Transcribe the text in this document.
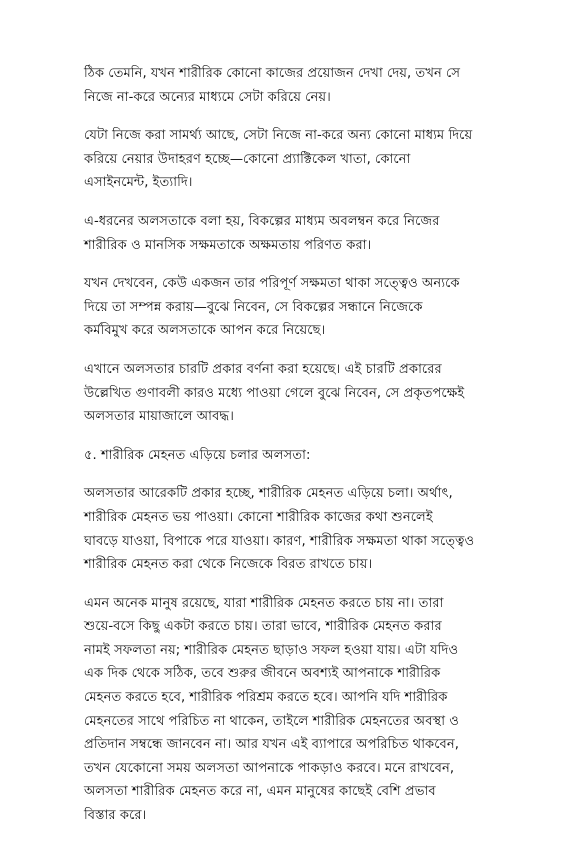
ঠিক তেমনি, যখন শারীরিক কোনো কাজের প্রয়োজন দেখা দেয়, তখন সে
নিজে না-করে অন্যের মাধ্যমে সেটা করিয়ে নেয়।
যেটা নিজে করা সামর্থ্য আছে, সেটা নিজে না-করে অন্য কোনো মাধ্যম দিয়ে
করিয়ে নেয়ার উদাহরণ হচ্ছে—কোনো প্র্যাক্টিকেল খাতা, কোনো
এসাইনমেন্ট, ইত্যাদি।
এ-ধরনের অলসতাকে বলা হয়, বিকল্পের মাধ্যম অবলম্বন করে নিজের
শারীরিক ও মানসিক সক্ষমতাকে অক্ষমতায় পরিণত করা।
যখন দেখবেন, কেউ একজন তার পরিপূর্ণ সক্ষমতা থাকা সত্ত্বেও অন্যকে
দিয়ে তা সম্পন্ন করায়—বুঝে নিবেন, সে বিকল্পের সন্ধানে নিজেকে
কর্মবিমুখ করে অলসতাকে আপন করে নিয়েছে।
এখানে অলসতার চারটি প্রকার বর্ণনা করা হয়েছে। এই চারটি প্রকারের
উল্লেখিত গুণাবলী কারও মধ্যে পাওয়া গেলে বুঝে নিবেন, সে প্রকৃতপক্ষেই
অলসতার মায়াজালে আবদ্ধ।
৫. শারীরিক মেহনত এড়িয়ে চলার অলসতা:
অলসতার আরেকটি প্রকার হচ্ছে, শারীরিক মেহনত এড়িয়ে চলা। অর্থাৎ,
শারীরিক মেহনত ভয় পাওয়া। কোনো শারীরিক কাজের কথা শুনলেই
ঘাবড়ে যাওয়া, বিপাকে পরে যাওয়া। কারণ, শারীরিক সক্ষমতা থাকা সত্ত্বেও
শারীরিক মেহনত করা থেকে নিজেকে বিরত রাখতে চায়।
এমন অনেক মানুষ রয়েছে, যারা শারীরিক মেহনত করতে চায় না। তারা
শুয়ে-বসে কিছু একটা করতে চায়। তারা ভাবে, শারীরিক মেহনত করার
নামই সফলতা নয়; শারীরিক মেহনত ছাড়াও সফল হওয়া যায়। এটা যদিও
এক দিক থেকে সঠিক, তবে শুরুর জীবনে অবশ্যই আপনাকে শারীরিক
মেহনত করতে হবে, শারীরিক পরিশ্রম করতে হবে। আপনি যদি শারীরিক
মেহনতের সাথে পরিচিত না থাকেন, তাইলে শারীরিক মেহনতের অবস্থা ও
প্রতিদান সম্বন্ধে জানবেন না। আর যখন এই ব্যাপারে অপরিচিত থাকবেন,
তখন যেকোনো সময় অলসতা আপনাকে পাকড়াও করবে। মনে রাখবেন,
অলসতা শারীরিক মেহনত করে না, এমন মানুষের কাছেই বেশি প্রভাব
বিস্তার করে।
